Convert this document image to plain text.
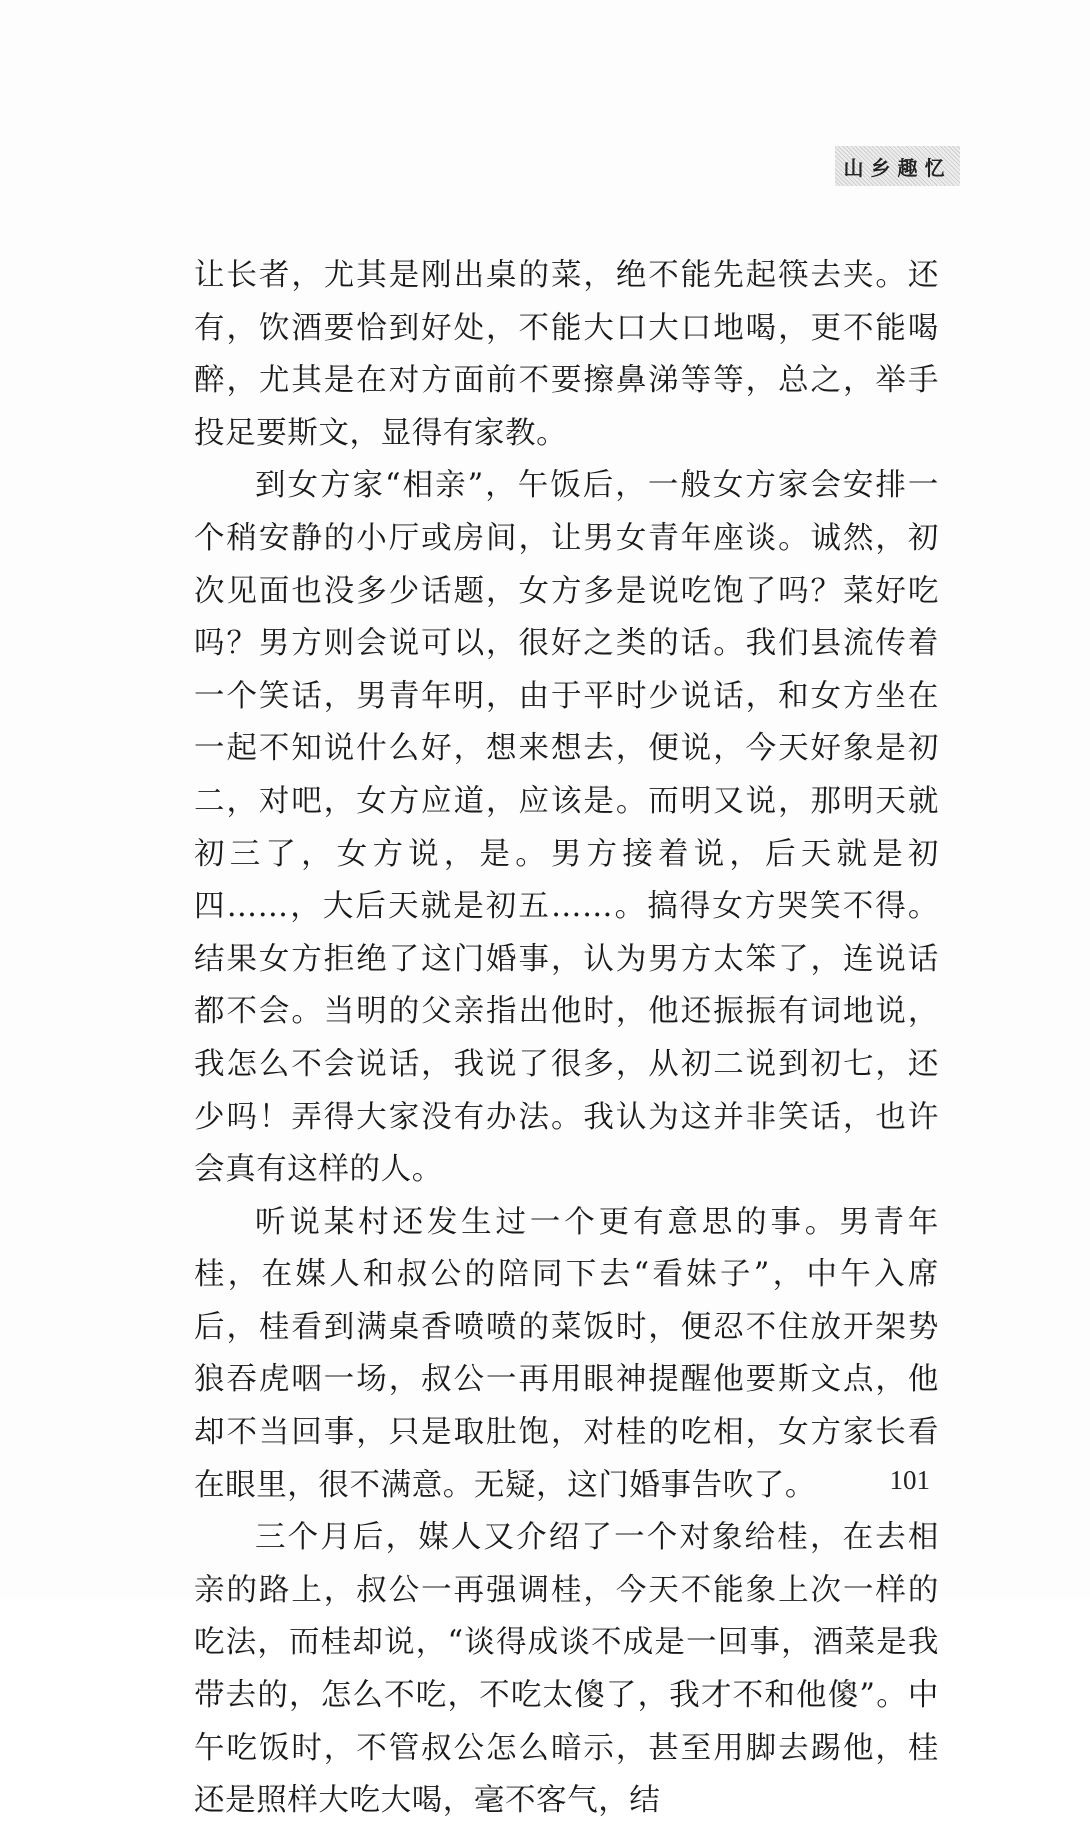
山乡趣忆

让长者，尤其是刚出桌的菜，绝不能先起筷去夹。还有，饮酒要恰到好处，不能大口大口地喝，更不能喝醉，尤其是在对方面前不要擦鼻涕等等，总之，举手投足要斯文，显得有家教。

到女方家“相亲”，午饭后，一般女方家会安排一个稍安静的小厅或房间，让男女青年座谈。诚然，初次见面也没多少话题，女方多是说吃饱了吗？菜好吃吗？男方则会说可以，很好之类的话。我们县流传着一个笑话，男青年明，由于平时少说话，和女方坐在一起不知说什么好，想来想去，便说，今天好象是初二，对吧，女方应道，应该是。而明又说，那明天就初三了，女方说，是。男方接着说，后天就是初四……，大后天就是初五……。搞得女方哭笑不得。结果女方拒绝了这门婚事，认为男方太笨了，连说话都不会。当明的父亲指出他时，他还振振有词地说，我怎么不会说话，我说了很多，从初二说到初七，还少吗！弄得大家没有办法。我认为这并非笑话，也许会真有这样的人。

听说某村还发生过一个更有意思的事。男青年桂，在媒人和叔公的陪同下去“看妹子”，中午入席后，桂看到满桌香喷喷的菜饭时，便忍不住放开架势狼吞虎咽一场，叔公一再用眼神提醒他要斯文点，他却不当回事，只是取肚饱，对桂的吃相，女方家长看在眼里，很不满意。无疑，这门婚事告吹了。

三个月后，媒人又介绍了一个对象给桂，在去相亲的路上，叔公一再强调桂，今天不能象上次一样的吃法，而桂却说，“谈得成谈不成是一回事，酒菜是我带去的，怎么不吃，不吃太傻了，我才不和他傻”。中午吃饭时，不管叔公怎么暗示，甚至用脚去踢他，桂还是照样大吃大喝，毫不客气，结

101
